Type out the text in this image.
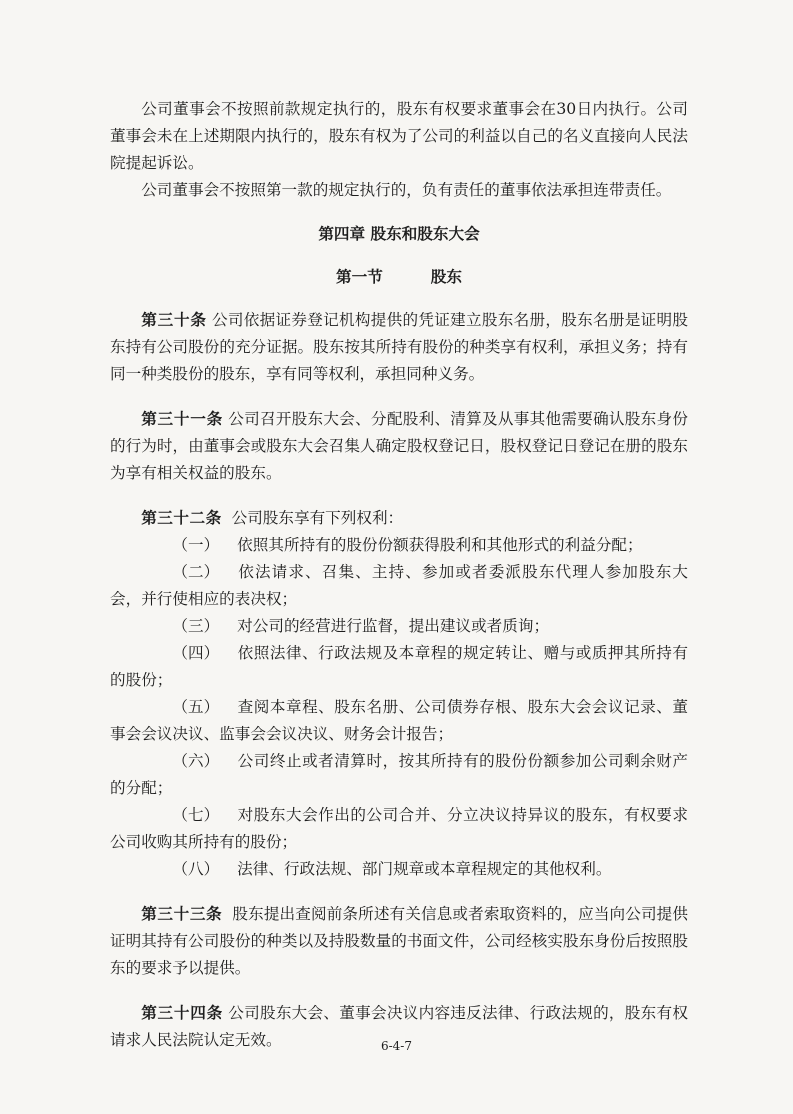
公司董事会不按照前款规定执行的，股东有权要求董事会在30日内执行。公司董事会未在上述期限内执行的，股东有权为了公司的利益以自己的名义直接向人民法院提起诉讼。

公司董事会不按照第一款的规定执行的，负有责任的董事依法承担连带责任。

第四章 股东和股东大会

第一节	股东

第三十条 公司依据证券登记机构提供的凭证建立股东名册，股东名册是证明股东持有公司股份的充分证据。股东按其所持有股份的种类享有权利，承担义务；持有同一种类股份的股东，享有同等权利，承担同种义务。

第三十一条 公司召开股东大会、分配股利、清算及从事其他需要确认股东身份的行为时，由董事会或股东大会召集人确定股权登记日，股权登记日登记在册的股东为享有相关权益的股东。

第三十二条 公司股东享有下列权利：

（一） 依照其所持有的股份份额获得股利和其他形式的利益分配；

（二） 依法请求、召集、主持、参加或者委派股东代理人参加股东大会，并行使相应的表决权；

（三） 对公司的经营进行监督，提出建议或者质询；

（四） 依照法律、行政法规及本章程的规定转让、赠与或质押其所持有的股份；

（五） 查阅本章程、股东名册、公司债券存根、股东大会会议记录、董事会会议决议、监事会会议决议、财务会计报告；

（六） 公司终止或者清算时，按其所持有的股份份额参加公司剩余财产的分配；

（七） 对股东大会作出的公司合并、分立决议持异议的股东，有权要求公司收购其所持有的股份；

（八） 法律、行政法规、部门规章或本章程规定的其他权利。

第三十三条 股东提出查阅前条所述有关信息或者索取资料的，应当向公司提供证明其持有公司股份的种类以及持股数量的书面文件，公司经核实股东身份后按照股东的要求予以提供。

第三十四条 公司股东大会、董事会决议内容违反法律、行政法规的，股东有权请求人民法院认定无效。	6-4-7
